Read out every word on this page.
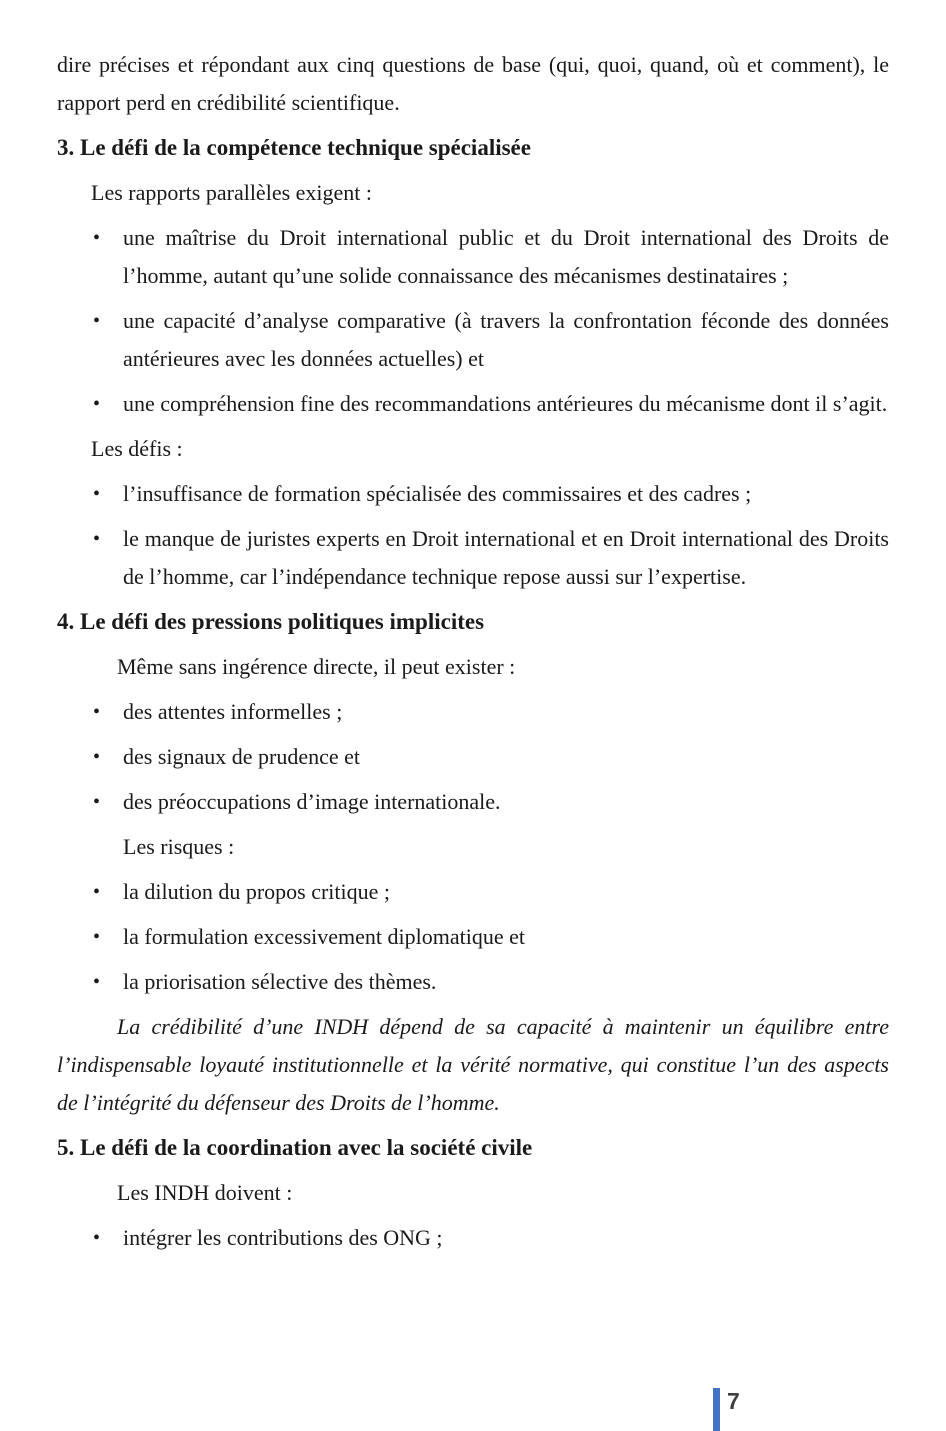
dire précises et répondant aux cinq questions de base (qui, quoi, quand, où et comment), le rapport perd en crédibilité scientifique.

3. Le défi de la compétence technique spécialisée

Les rapports parallèles exigent :

• une maîtrise du Droit international public et du Droit international des Droits de l’homme, autant qu’une solide connaissance des mécanismes destinataires ;
• une capacité d’analyse comparative (à travers la confrontation féconde des données antérieures avec les données actuelles) et
• une compréhension fine des recommandations antérieures du mécanisme dont il s’agit.

Les défis :

• l’insuffisance de formation spécialisée des commissaires et des cadres ;
• le manque de juristes experts en Droit international et en Droit international des Droits de l’homme, car l’indépendance technique repose aussi sur l’expertise.

4. Le défi des pressions politiques implicites

Même sans ingérence directe, il peut exister :

• des attentes informelles ;
• des signaux de prudence et
• des préoccupations d’image internationale.

Les risques :

• la dilution du propos critique ;
• la formulation excessivement diplomatique et
• la priorisation sélective des thèmes.

La crédibilité d’une INDH dépend de sa capacité à maintenir un équilibre entre l’indispensable loyauté institutionnelle et la vérité normative, qui constitue l’un des aspects de l’intégrité du défenseur des Droits de l’homme.

5. Le défi de la coordination avec la société civile

Les INDH doivent :

• intégrer les contributions des ONG ;
7
